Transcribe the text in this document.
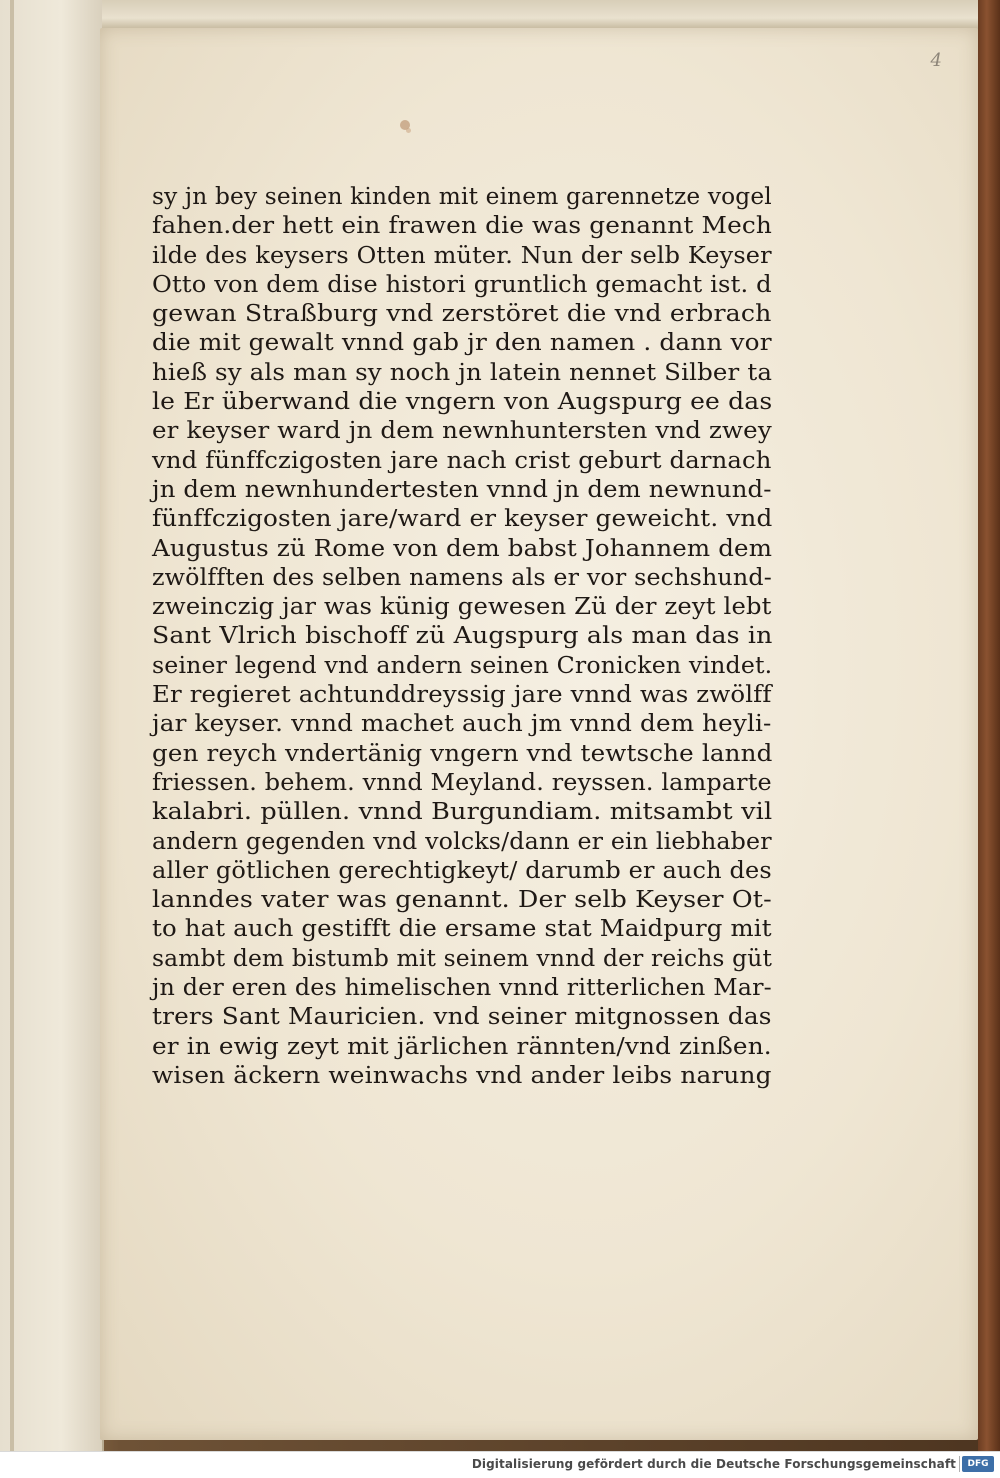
4
sy jn bey seinen kinden mit einem garennetze vogel
fahen.der hett ein frawen die was genannt Mech
ilde des keysers Otten müter. Nun der selb Keyser
Otto von dem dise histori gruntlich gemacht ist. d
gewan Straßburg vnd zerstöret die vnd erbrach
die mit gewalt vnnd gab jr den namen . dann vor
hieß sy als man sy noch jn latein nennet Silber ta
le Er überwand die vngern von Augspurg ee das
er keyser ward jn dem newnhuntersten vnd zwey
vnd fünffczigosten jare nach crist geburt darnach
jn dem newnhundertesten vnnd jn dem newnund-
fünffczigosten jare/ward er keyser geweicht. vnd
Augustus zü Rome von dem babst Johannem dem
zwölfften des selben namens als er vor sechshund-
zweinczig jar was künig gewesen Zü der zeyt lebt
Sant Vlrich bischoff zü Augspurg als man das in
seiner legend vnd andern seinen Cronicken vindet.
Er regieret achtunddreyssig jare vnnd was zwölff
jar keyser. vnnd machet auch jm vnnd dem heyli-
gen reych vndertänig vngern vnd tewtsche lannd
friessen. behem. vnnd Meyland. reyssen. lamparte
kalabri. püllen. vnnd Burgundiam. mitsambt vil
andern gegenden vnd volcks/dann er ein liebhaber
aller götlichen gerechtigkeyt/ darumb er auch des
lanndes vater was genannt. Der selb Keyser Ot-
to hat auch gestifft die ersame stat Maidpurg mit
sambt dem bistumb mit seinem vnnd der reichs güt
jn der eren des himelischen vnnd ritterlichen Mar-
trers Sant Mauricien. vnd seiner mitgnossen das
er in ewig zeyt mit järlichen rännten/vnd zinßen.
wisen äckern weinwachs vnd ander leibs narung
Digitalisierung gefördert durch die Deutsche Forschungsgemeinschaft	DFG
